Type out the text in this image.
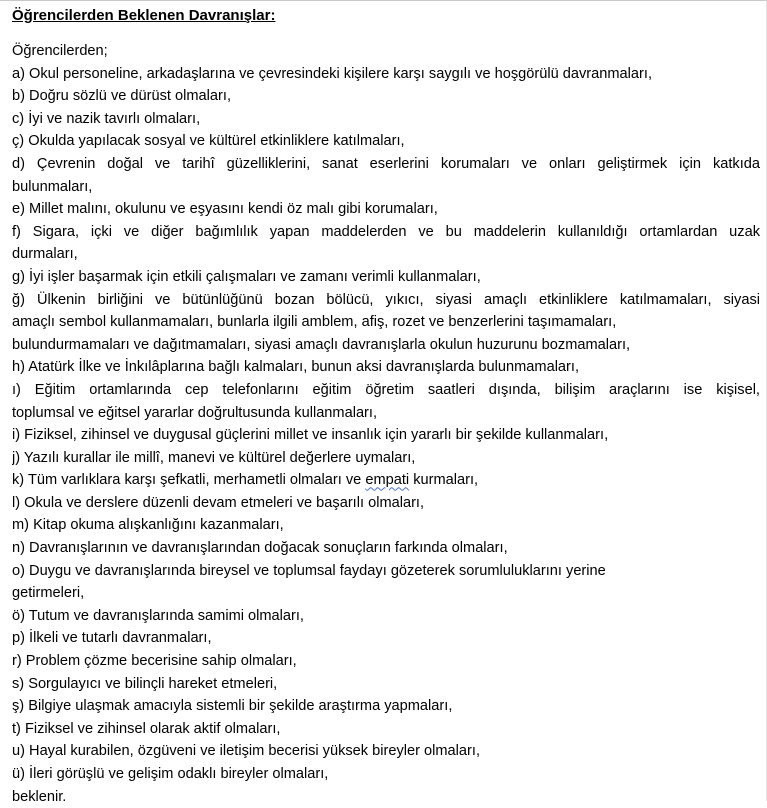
Öğrencilerden Beklenen Davranışlar:
Öğrencilerden;
a) Okul personeline, arkadaşlarına ve çevresindeki kişilere karşı saygılı ve hoşgörülü davranmaları,
b) Doğru sözlü ve dürüst olmaları,
c) İyi ve nazik tavırlı olmaları,
ç) Okulda yapılacak sosyal ve kültürel etkinliklere katılmaları,
d) Çevrenin doğal ve tarihî güzelliklerini, sanat eserlerini korumaları ve onları geliştirmek için katkıda
bulunmaları,
e) Millet malını, okulunu ve eşyasını kendi öz malı gibi korumaları,
f) Sigara, içki ve diğer bağımlılık yapan maddelerden ve bu maddelerin kullanıldığı ortamlardan uzak
durmaları,
g) İyi işler başarmak için etkili çalışmaları ve zamanı verimli kullanmaları,
ğ) Ülkenin birliğini ve bütünlüğünü bozan bölücü, yıkıcı, siyasi amaçlı etkinliklere katılmamaları, siyasi
amaçlı sembol kullanmamaları, bunlarla ilgili amblem, afiş, rozet ve benzerlerini taşımamaları,
bulundurmamaları ve dağıtmamaları, siyasi amaçlı davranışlarla okulun huzurunu bozmamaları,
h) Atatürk İlke ve İnkılâplarına bağlı kalmaları, bunun aksi davranışlarda bulunmamaları,
ı) Eğitim ortamlarında cep telefonlarını eğitim öğretim saatleri dışında, bilişim araçlarını ise kişisel,
toplumsal ve eğitsel yararlar doğrultusunda kullanmaları,
i) Fiziksel, zihinsel ve duygusal güçlerini millet ve insanlık için yararlı bir şekilde kullanmaları,
j) Yazılı kurallar ile millî, manevi ve kültürel değerlere uymaları,
k) Tüm varlıklara karşı şefkatli, merhametli olmaları ve empati kurmaları,
l) Okula ve derslere düzenli devam etmeleri ve başarılı olmaları,
m) Kitap okuma alışkanlığını kazanmaları,
n) Davranışlarının ve davranışlarından doğacak sonuçların farkında olmaları,
o) Duygu ve davranışlarında bireysel ve toplumsal faydayı gözeterek sorumluluklarını yerine
getirmeleri,
ö) Tutum ve davranışlarında samimi olmaları,
p) İlkeli ve tutarlı davranmaları,
r) Problem çözme becerisine sahip olmaları,
s) Sorgulayıcı ve bilinçli hareket etmeleri,
ş) Bilgiye ulaşmak amacıyla sistemli bir şekilde araştırma yapmaları,
t) Fiziksel ve zihinsel olarak aktif olmaları,
u) Hayal kurabilen, özgüveni ve iletişim becerisi yüksek bireyler olmaları,
ü) İleri görüşlü ve gelişim odaklı bireyler olmaları,
beklenir.
